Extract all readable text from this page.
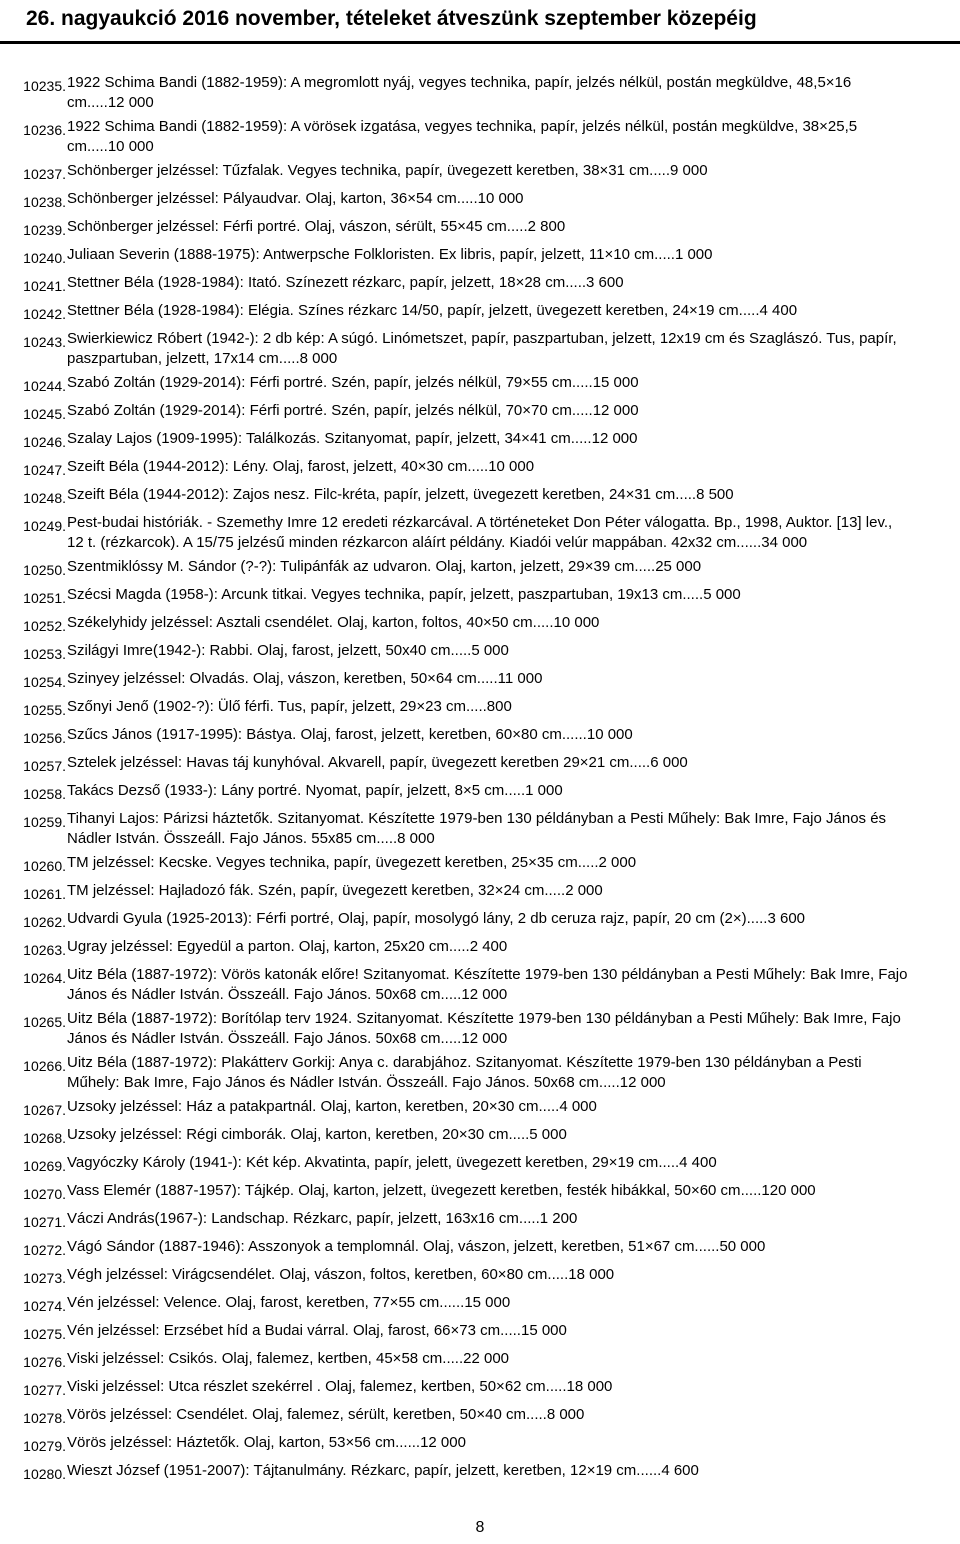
26. nagyaukció 2016 november, tételeket átveszünk szeptember közepéig
10235. 1922 Schima Bandi (1882-1959): A megromlott nyáj, vegyes technika, papír, jelzés nélkül, postán megküldve, 48,5×16 cm.....12 000
10236. 1922 Schima Bandi (1882-1959): A vörösek izgatása, vegyes technika, papír, jelzés nélkül, postán megküldve, 38×25,5 cm.....10 000
10237. Schönberger jelzéssel: Tűzfalak. Vegyes technika, papír, üvegezett keretben, 38×31 cm.....9 000
10238. Schönberger jelzéssel: Pályaudvar. Olaj, karton, 36×54 cm.....10 000
10239. Schönberger jelzéssel: Férfi portré. Olaj, vászon, sérült, 55×45 cm.....2 800
10240. Juliaan Severin (1888-1975): Antwerpsche Folkloristen. Ex libris, papír, jelzett, 11×10 cm.....1 000
10241. Stettner Béla (1928-1984): Itató. Színezett rézkarc, papír, jelzett, 18×28 cm.....3 600
10242. Stettner Béla (1928-1984): Elégia. Színes rézkarc 14/50, papír, jelzett, üvegezett keretben, 24×19 cm.....4 400
10243. Swierkiewicz Róbert (1942-): 2 db kép: A súgó. Linómetszet, papír, paszpartuban, jelzett, 12x19 cm és Szaglászó. Tus, papír, paszpartuban, jelzett, 17x14 cm.....8 000
10244. Szabó Zoltán (1929-2014): Férfi portré. Szén, papír, jelzés nélkül, 79×55 cm.....15 000
10245. Szabó Zoltán (1929-2014): Férfi portré. Szén, papír, jelzés nélkül, 70×70 cm.....12 000
10246. Szalay Lajos (1909-1995): Találkozás. Szitanyomat, papír, jelzett, 34×41 cm.....12 000
10247. Szeift Béla (1944-2012): Lény. Olaj, farost, jelzett, 40×30 cm.....10 000
10248. Szeift Béla (1944-2012): Zajos nesz. Filc-kréta, papír, jelzett, üvegezett keretben, 24×31 cm.....8 500
10249. Pest-budai históriák. - Szemethy Imre 12 eredeti rézkarcával. A történeteket Don Péter válogatta. Bp., 1998, Auktor. [13] lev., 12 t. (rézkarcok). A 15/75 jelzésű minden rézkarcon aláírt példány. Kiadói velúr mappában. 42x32 cm......34 000
10250. Szentmiklóssy M. Sándor (?-?): Tulipánfák az udvaron. Olaj, karton, jelzett, 29×39 cm.....25 000
10251. Szécsi Magda (1958-): Arcunk titkai. Vegyes technika, papír, jelzett, paszpartuban, 19x13 cm.....5 000
10252. Székelyhidy jelzéssel: Asztali csendélet. Olaj, karton, foltos, 40×50 cm.....10 000
10253. Szilágyi Imre(1942-): Rabbi. Olaj, farost, jelzett, 50x40 cm.....5 000
10254. Szinyey jelzéssel: Olvadás. Olaj, vászon, keretben, 50×64 cm.....11 000
10255. Szőnyi Jenő (1902-?): Ülő férfi. Tus, papír, jelzett, 29×23 cm.....800
10256. Szűcs János (1917-1995): Bástya. Olaj, farost, jelzett, keretben, 60×80 cm......10 000
10257. Sztelek jelzéssel: Havas táj kunyhóval. Akvarell, papír, üvegezett keretben 29×21 cm.....6 000
10258. Takács Dezső (1933-): Lány portré. Nyomat, papír, jelzett, 8×5 cm.....1 000
10259. Tihanyi Lajos: Párizsi háztetők. Szitanyomat. Készítette 1979-ben 130 példányban a Pesti Műhely: Bak Imre, Fajo János és Nádler István. Összeáll. Fajo János. 55x85 cm.....8 000
10260. TM jelzéssel: Kecske. Vegyes technika, papír, üvegezett keretben, 25×35 cm.....2 000
10261. TM jelzéssel: Hajladozó fák. Szén, papír, üvegezett keretben, 32×24 cm.....2 000
10262. Udvardi Gyula (1925-2013): Férfi portré, Olaj, papír, mosolygó lány, 2 db ceruza rajz, papír, 20 cm (2×).....3 600
10263. Ugray jelzéssel: Egyedül a parton. Olaj, karton, 25x20 cm.....2 400
10264. Uitz Béla (1887-1972): Vörös katonák előre! Szitanyomat. Készítette 1979-ben 130 példányban a Pesti Műhely: Bak Imre, Fajo János és Nádler István. Összeáll. Fajo János. 50x68 cm.....12 000
10265. Uitz Béla (1887-1972): Borítólap terv 1924. Szitanyomat. Készítette 1979-ben 130 példányban a Pesti Műhely: Bak Imre, Fajo János és Nádler István. Összeáll. Fajo János. 50x68 cm.....12 000
10266. Uitz Béla (1887-1972): Plakátterv Gorkij: Anya c. darabjához. Szitanyomat. Készítette 1979-ben 130 példányban a Pesti Műhely: Bak Imre, Fajo János és Nádler István. Összeáll. Fajo János. 50x68 cm.....12 000
10267. Uzsoky jelzéssel: Ház a patakpartnál. Olaj, karton, keretben, 20×30 cm.....4 000
10268. Uzsoky jelzéssel: Régi cimborák. Olaj, karton, keretben, 20×30 cm.....5 000
10269. Vagyóczky Károly (1941-): Két kép. Akvatinta, papír, jelett, üvegezett keretben, 29×19 cm.....4 400
10270. Vass Elemér (1887-1957): Tájkép. Olaj, karton, jelzett, üvegezett keretben, festék hibákkal, 50×60 cm.....120 000
10271. Váczi András(1967-): Landschap. Rézkarc, papír, jelzett, 163x16 cm.....1 200
10272. Vágó Sándor (1887-1946): Asszonyok a templomnál. Olaj, vászon, jelzett, keretben, 51×67 cm......50 000
10273. Végh jelzéssel: Virágcsendélet. Olaj, vászon, foltos, keretben, 60×80 cm.....18 000
10274. Vén jelzéssel: Velence. Olaj, farost, keretben, 77×55 cm......15 000
10275. Vén jelzéssel: Erzsébet híd a Budai várral. Olaj, farost, 66×73 cm.....15 000
10276. Viski jelzéssel: Csikós. Olaj, falemez, kertben, 45×58 cm.....22 000
10277. Viski jelzéssel: Utca részlet szekérrel . Olaj, falemez, kertben, 50×62 cm.....18 000
10278. Vörös jelzéssel: Csendélet. Olaj, falemez, sérült, keretben, 50×40 cm.....8 000
10279. Vörös jelzéssel: Háztetők. Olaj, karton, 53×56 cm......12 000
10280. Wieszt József (1951-2007): Tájtanulmány. Rézkarc, papír, jelzett, keretben, 12×19 cm......4 600
8
